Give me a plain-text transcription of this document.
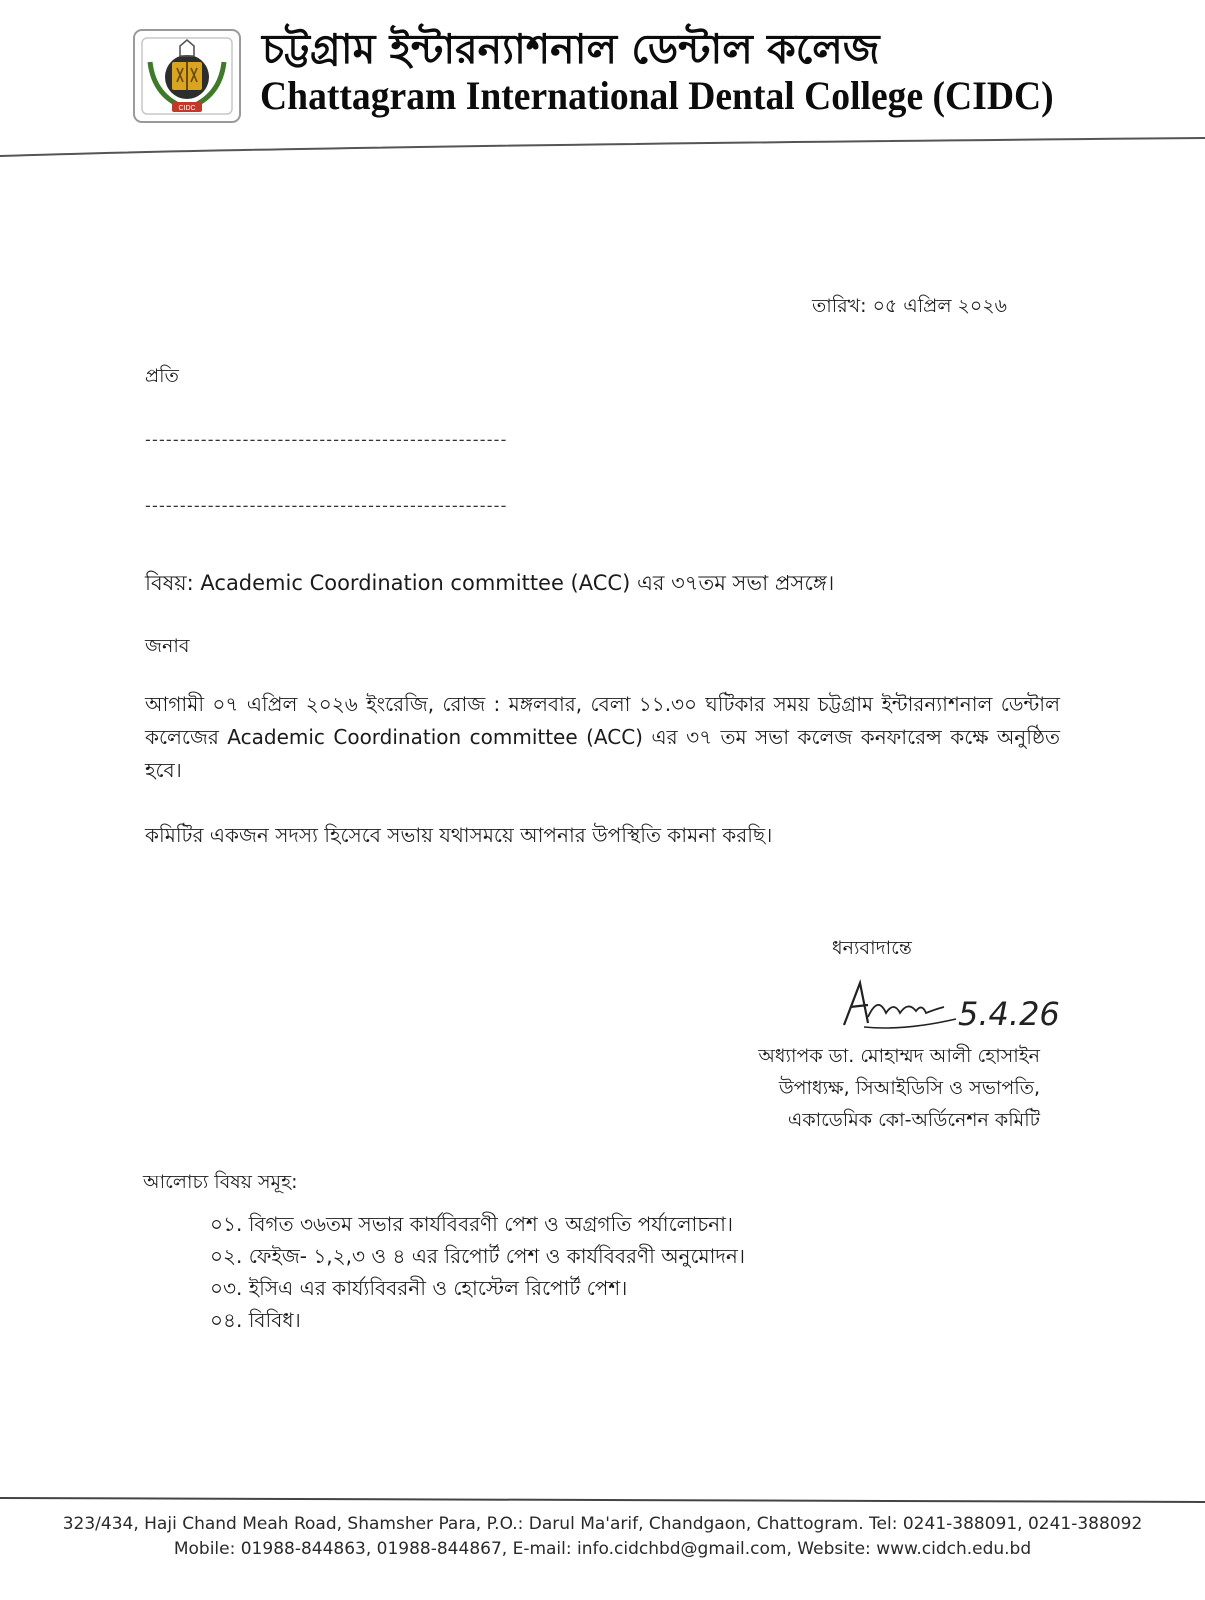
CIDC
চট্টগ্রাম ইন্টারন্যাশনাল ডেন্টাল কলেজ
Chattagram International Dental College (CIDC)
তারিখ: ০৫ এপ্রিল ২০২৬
প্রতি
----------------------------------------------------
----------------------------------------------------
বিষয়: Academic Coordination committee (ACC) এর ৩৭তম সভা প্রসঙ্গে।
জনাব
আগামী ০৭ এপ্রিল ২০২৬ ইংরেজি, রোজ : মঙ্গলবার, বেলা ১১.৩০ ঘটিকার সময় চট্টগ্রাম ইন্টারন্যাশনাল ডেন্টাল কলেজের Academic Coordination committee (ACC) এর ৩৭ তম সভা কলেজ কনফারেন্স কক্ষে অনুষ্ঠিত হবে।
কমিটির একজন সদস্য হিসেবে সভায় যথাসময়ে আপনার উপস্থিতি কামনা করছি।
ধন্যবাদান্তে
5.4.26
অধ্যাপক ডা. মোহাম্মদ আলী হোসাইন
উপাধ্যক্ষ, সিআইডিসি ও সভাপতি,
একাডেমিক কো-অর্ডিনেশন কমিটি
আলোচ্য বিষয় সমূহ:
০১. বিগত ৩৬তম সভার কার্যবিবরণী পেশ ও অগ্রগতি পর্যালোচনা।
০২. ফেইজ- ১,২,৩ ও ৪ এর রিপোর্ট পেশ ও কার্যবিবরণী অনুমোদন।
০৩. ইসিএ এর কার্য্যবিবরনী ও হোস্টেল রিপোর্ট পেশ।
০৪. বিবিধ।
323/434, Haji Chand Meah Road, Shamsher Para, P.O.: Darul Ma'arif, Chandgaon, Chattogram. Tel: 0241-388091, 0241-388092
Mobile: 01988-844863, 01988-844867, E-mail: info.cidchbd@gmail.com, Website: www.cidch.edu.bd
